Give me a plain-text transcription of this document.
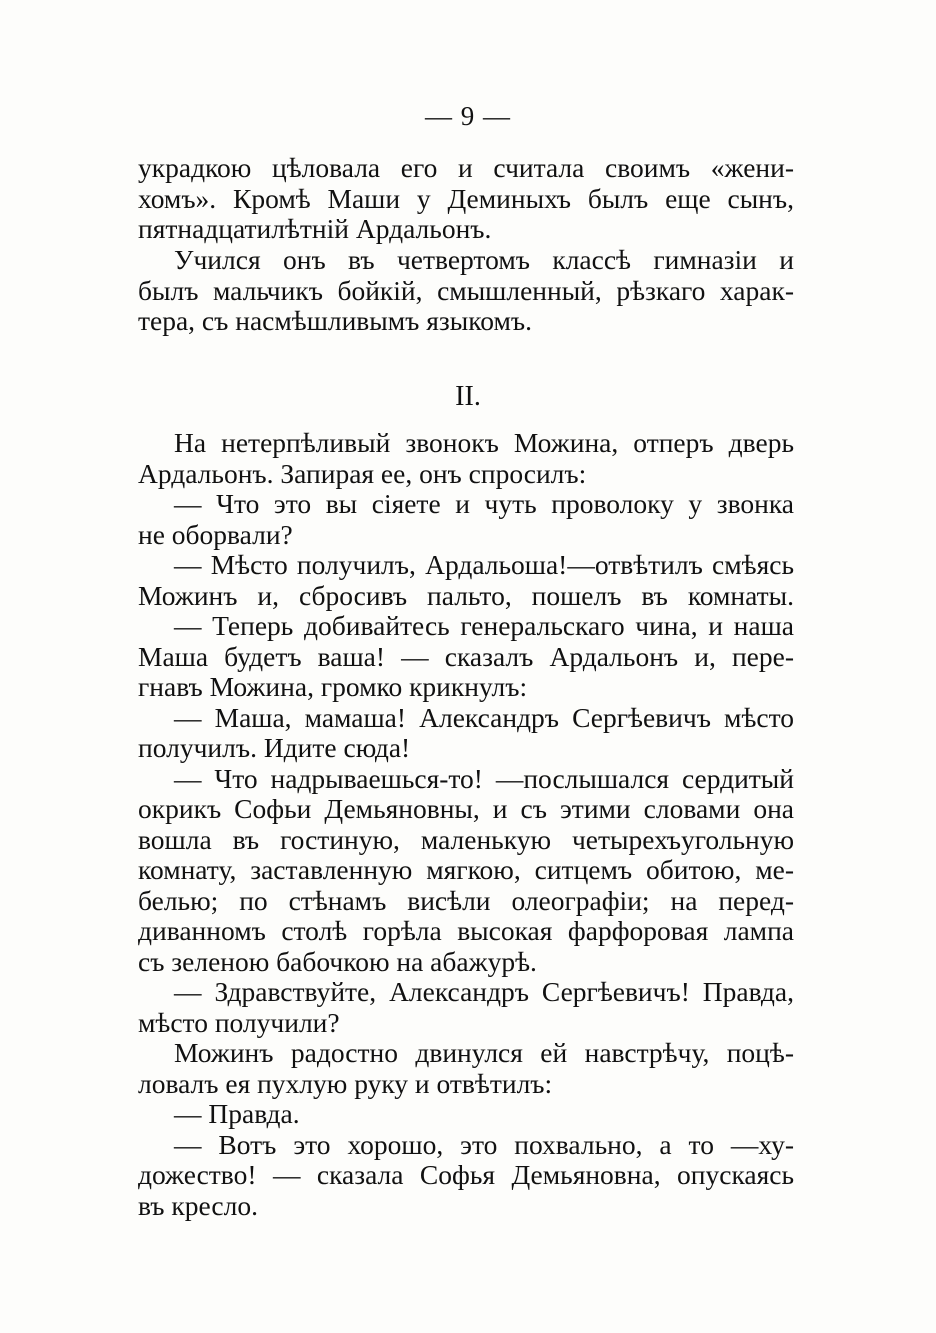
— 9 —
украдкою цѣловала его и считала своимъ «жени-
хомъ». Кромѣ Маши у Деминыхъ былъ еще сынъ,
пятнадцатилѣтній Ардальонъ.
Учился онъ въ четвертомъ классѣ гимназіи и
былъ мальчикъ бойкій, смышленный, рѣзкаго харак-
тера, съ насмѣшливымъ языкомъ.
II.
На нетерпѣливый звонокъ Можина, отперъ дверь
Ардальонъ. Запирая ее, онъ спросилъ:
— Что это вы сіяете и чуть проволоку у звонка
не оборвали?
— Мѣсто получилъ, Ардальоша!—отвѣтилъ смѣясь
Можинъ и, сбросивъ пальто, пошелъ въ комнаты.
— Теперь добивайтесь генеральскаго чина, и наша
Маша будетъ ваша! — сказалъ Ардальонъ и, пере-
гнавъ Можина, громко крикнулъ:
— Маша, мамаша! Александръ Сергѣевичъ мѣсто
получилъ. Идите сюда!
— Что надрываешься-то! —послышался сердитый
окрикъ Софьи Демьяновны, и съ этими словами она
вошла въ гостиную, маленькую четырехъугольную
комнату, заставленную мягкою, ситцемъ обитою, ме-
белью; по стѣнамъ висѣли олеографіи; на перед-
диванномъ столѣ горѣла высокая фарфоровая лампа
съ зеленою бабочкою на абажурѣ.
— Здравствуйте, Александръ Сергѣевичъ! Правда,
мѣсто получили?
Можинъ радостно двинулся ей навстрѣчу, поцѣ-
ловалъ ея пухлую руку и отвѣтилъ:
— Правда.
— Вотъ это хорошо, это похвально, а то —ху-
дожество! — сказала Софья Демьяновна, опускаясь
въ кресло.
